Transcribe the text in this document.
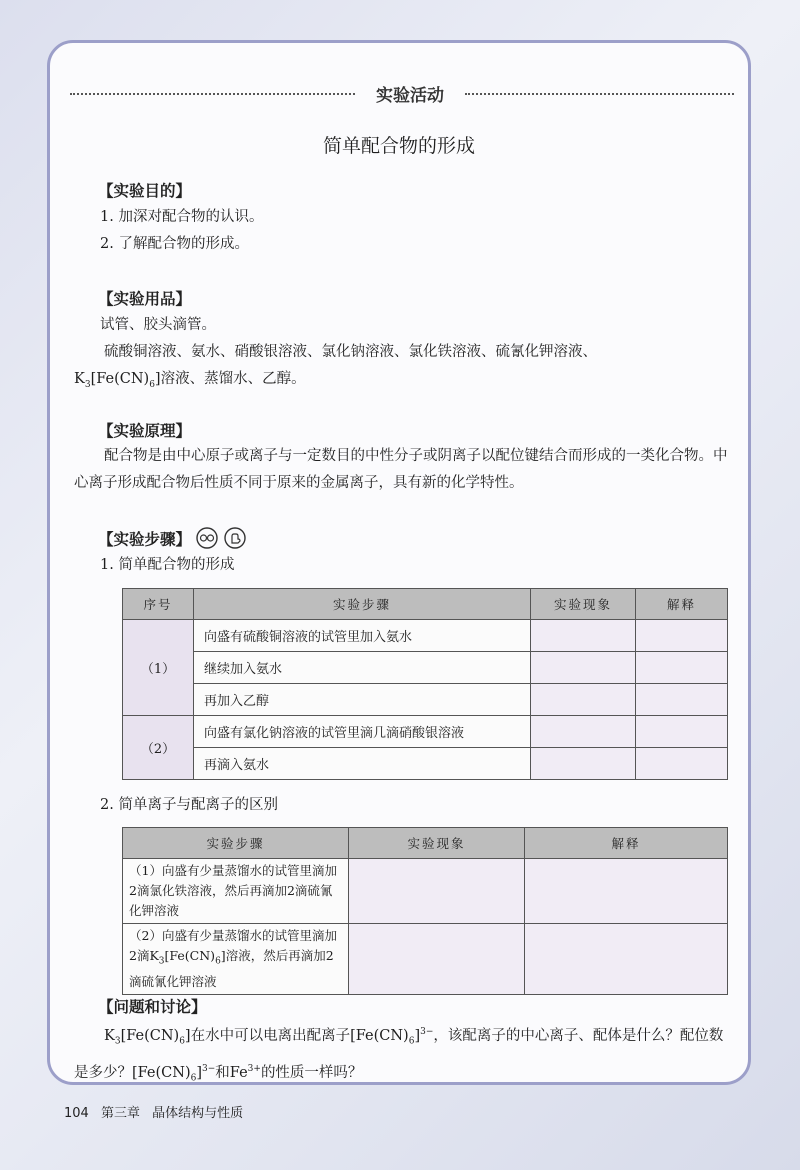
实验活动
简单配合物的形成
【实验目的】
1. 加深对配合物的认识。
2. 了解配合物的形成。
【实验用品】
试管、胶头滴管。
硫酸铜溶液、氨水、硝酸银溶液、氯化钠溶液、氯化铁溶液、硫氰化钾溶液、
$K_3[Fe(CN)_6]$溶液、蒸馏水、乙醇。
【实验原理】
配合物是由中心原子或离子与一定数目的中性分子或阴离子以配位键结合而形成的一类化合物。中心离子形成配合物后性质不同于原来的金属离子，具有新的化学特性。
【实验步骤】
1. 简单配合物的形成
序号	实验步骤	实验现象	解释
（1）	向盛有硫酸铜溶液的试管里加入氨水		
	继续加入氨水		
	再加入乙醇		
（2）	向盛有氯化钠溶液的试管里滴几滴硝酸银溶液		
	再滴入氨水		
2. 简单离子与配离子的区别
实验步骤	实验现象	解释
（1）向盛有少量蒸馏水的试管里滴加2滴氯化铁溶液，然后再滴加2滴硫氰化钾溶液		
（2）向盛有少量蒸馏水的试管里滴加2滴$K_3[Fe(CN)_6]$溶液，然后再滴加2滴硫氰化钾溶液		
【问题和讨论】
$K_3[Fe(CN)_6]$在水中可以电离出配离子$[Fe(CN)_6]^{3-}$，该配离子的中心离子、配体是什么？配位数是多少？$[Fe(CN)_6]^{3-}$和$Fe^{3+}$的性质一样吗？
104 第三章 晶体结构与性质
